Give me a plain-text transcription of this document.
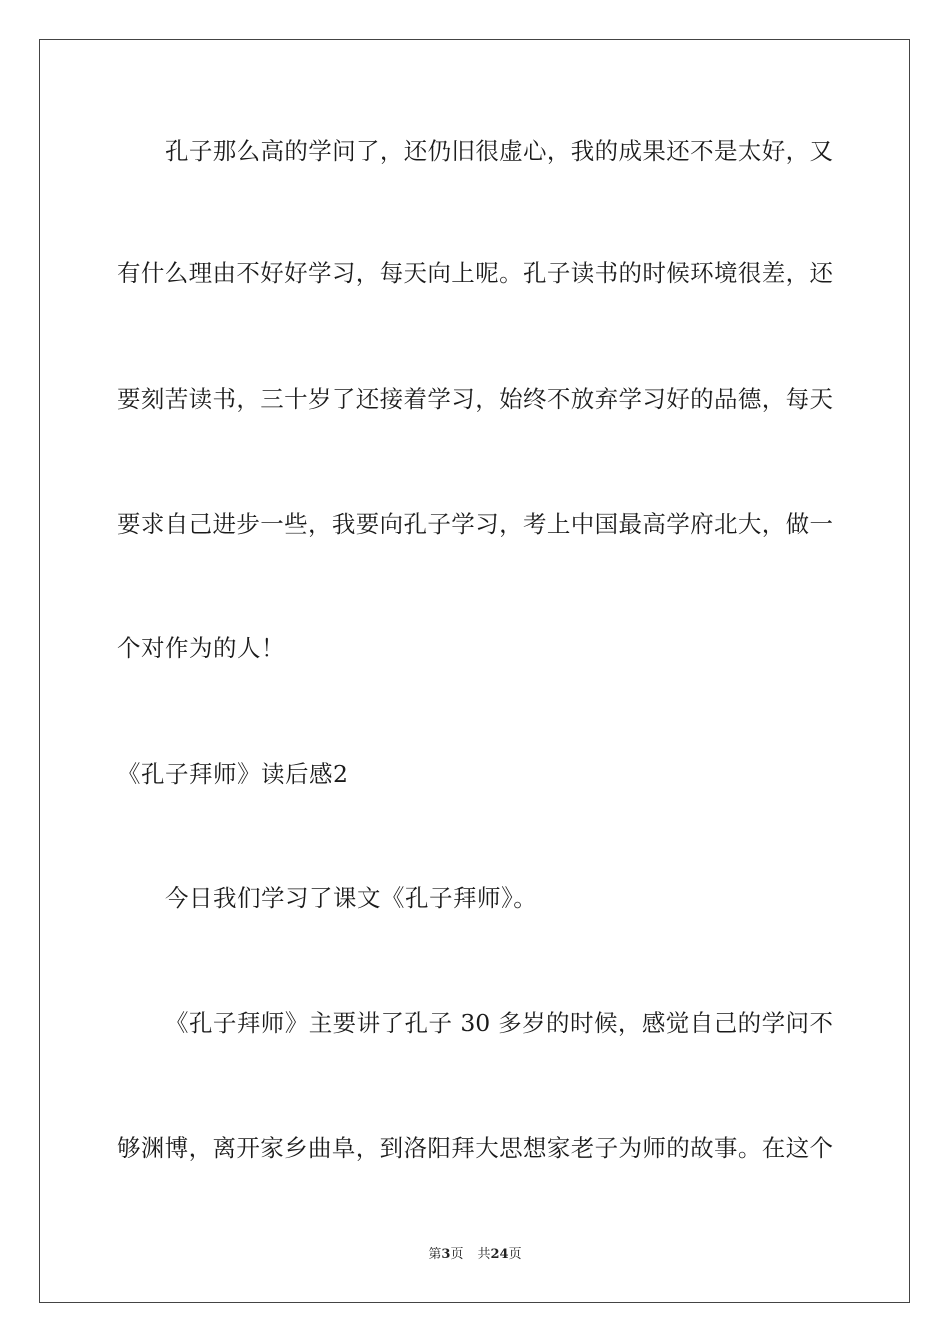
孔子那么高的学问了，还仍旧很虚心，我的成果还不是太好，又
有什么理由不好好学习，每天向上呢。孔子读书的时候环境很差，还
要刻苦读书，三十岁了还接着学习，始终不放弃学习好的品德，每天
要求自己进步一些，我要向孔子学习，考上中国最高学府北大，做一
个对作为的人！
《孔子拜师》读后感2
今日我们学习了课文《孔子拜师》。
《孔子拜师》主要讲了孔子 30 多岁的时候，感觉自己的学问不
够渊博，离开家乡曲阜，到洛阳拜大思想家老子为师的故事。在这个
第3页 共24页
